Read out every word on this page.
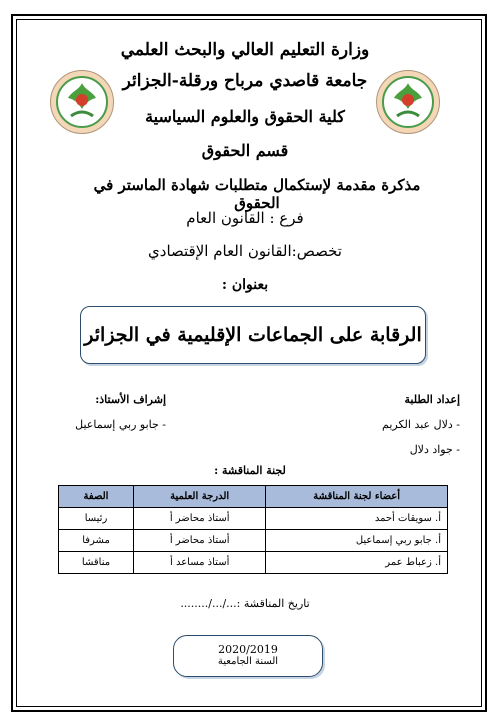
وزارة التعليم العالي والبحث العلمي
جامعة قاصدي مرباح ورقلة-الجزائر
كلية الحقوق والعلوم السياسية
قسم الحقوق
مذكرة مقدمة لإستكمال متطلبات شهادة الماستر في الحقوق
فرع : القانون العام
تخصص:القانون العام الإقتصادي
بعنوان :
الرقابة على الجماعات الإقليمية في الجزائر
إعداد الطلبة
- دلال عبد الكريم
- جواد دلال
إشراف الأستاذ:
- جابو ربي إسماعيل
لجنة المناقشة :
أعضاء لجنة المناقشة	الدرجة العلمية	الصفة
أ. سويقات أحمد	أستاذ محاضر أ	رئيسا
أ. جابو ربي إسماعيل	أستاذ محاضر أ	مشرفا
أ. زعباط عمر	أستاذ مساعد أ	مناقشا
تاريخ المناقشة :.../.../........
2020/2019
السنة الجامعية
